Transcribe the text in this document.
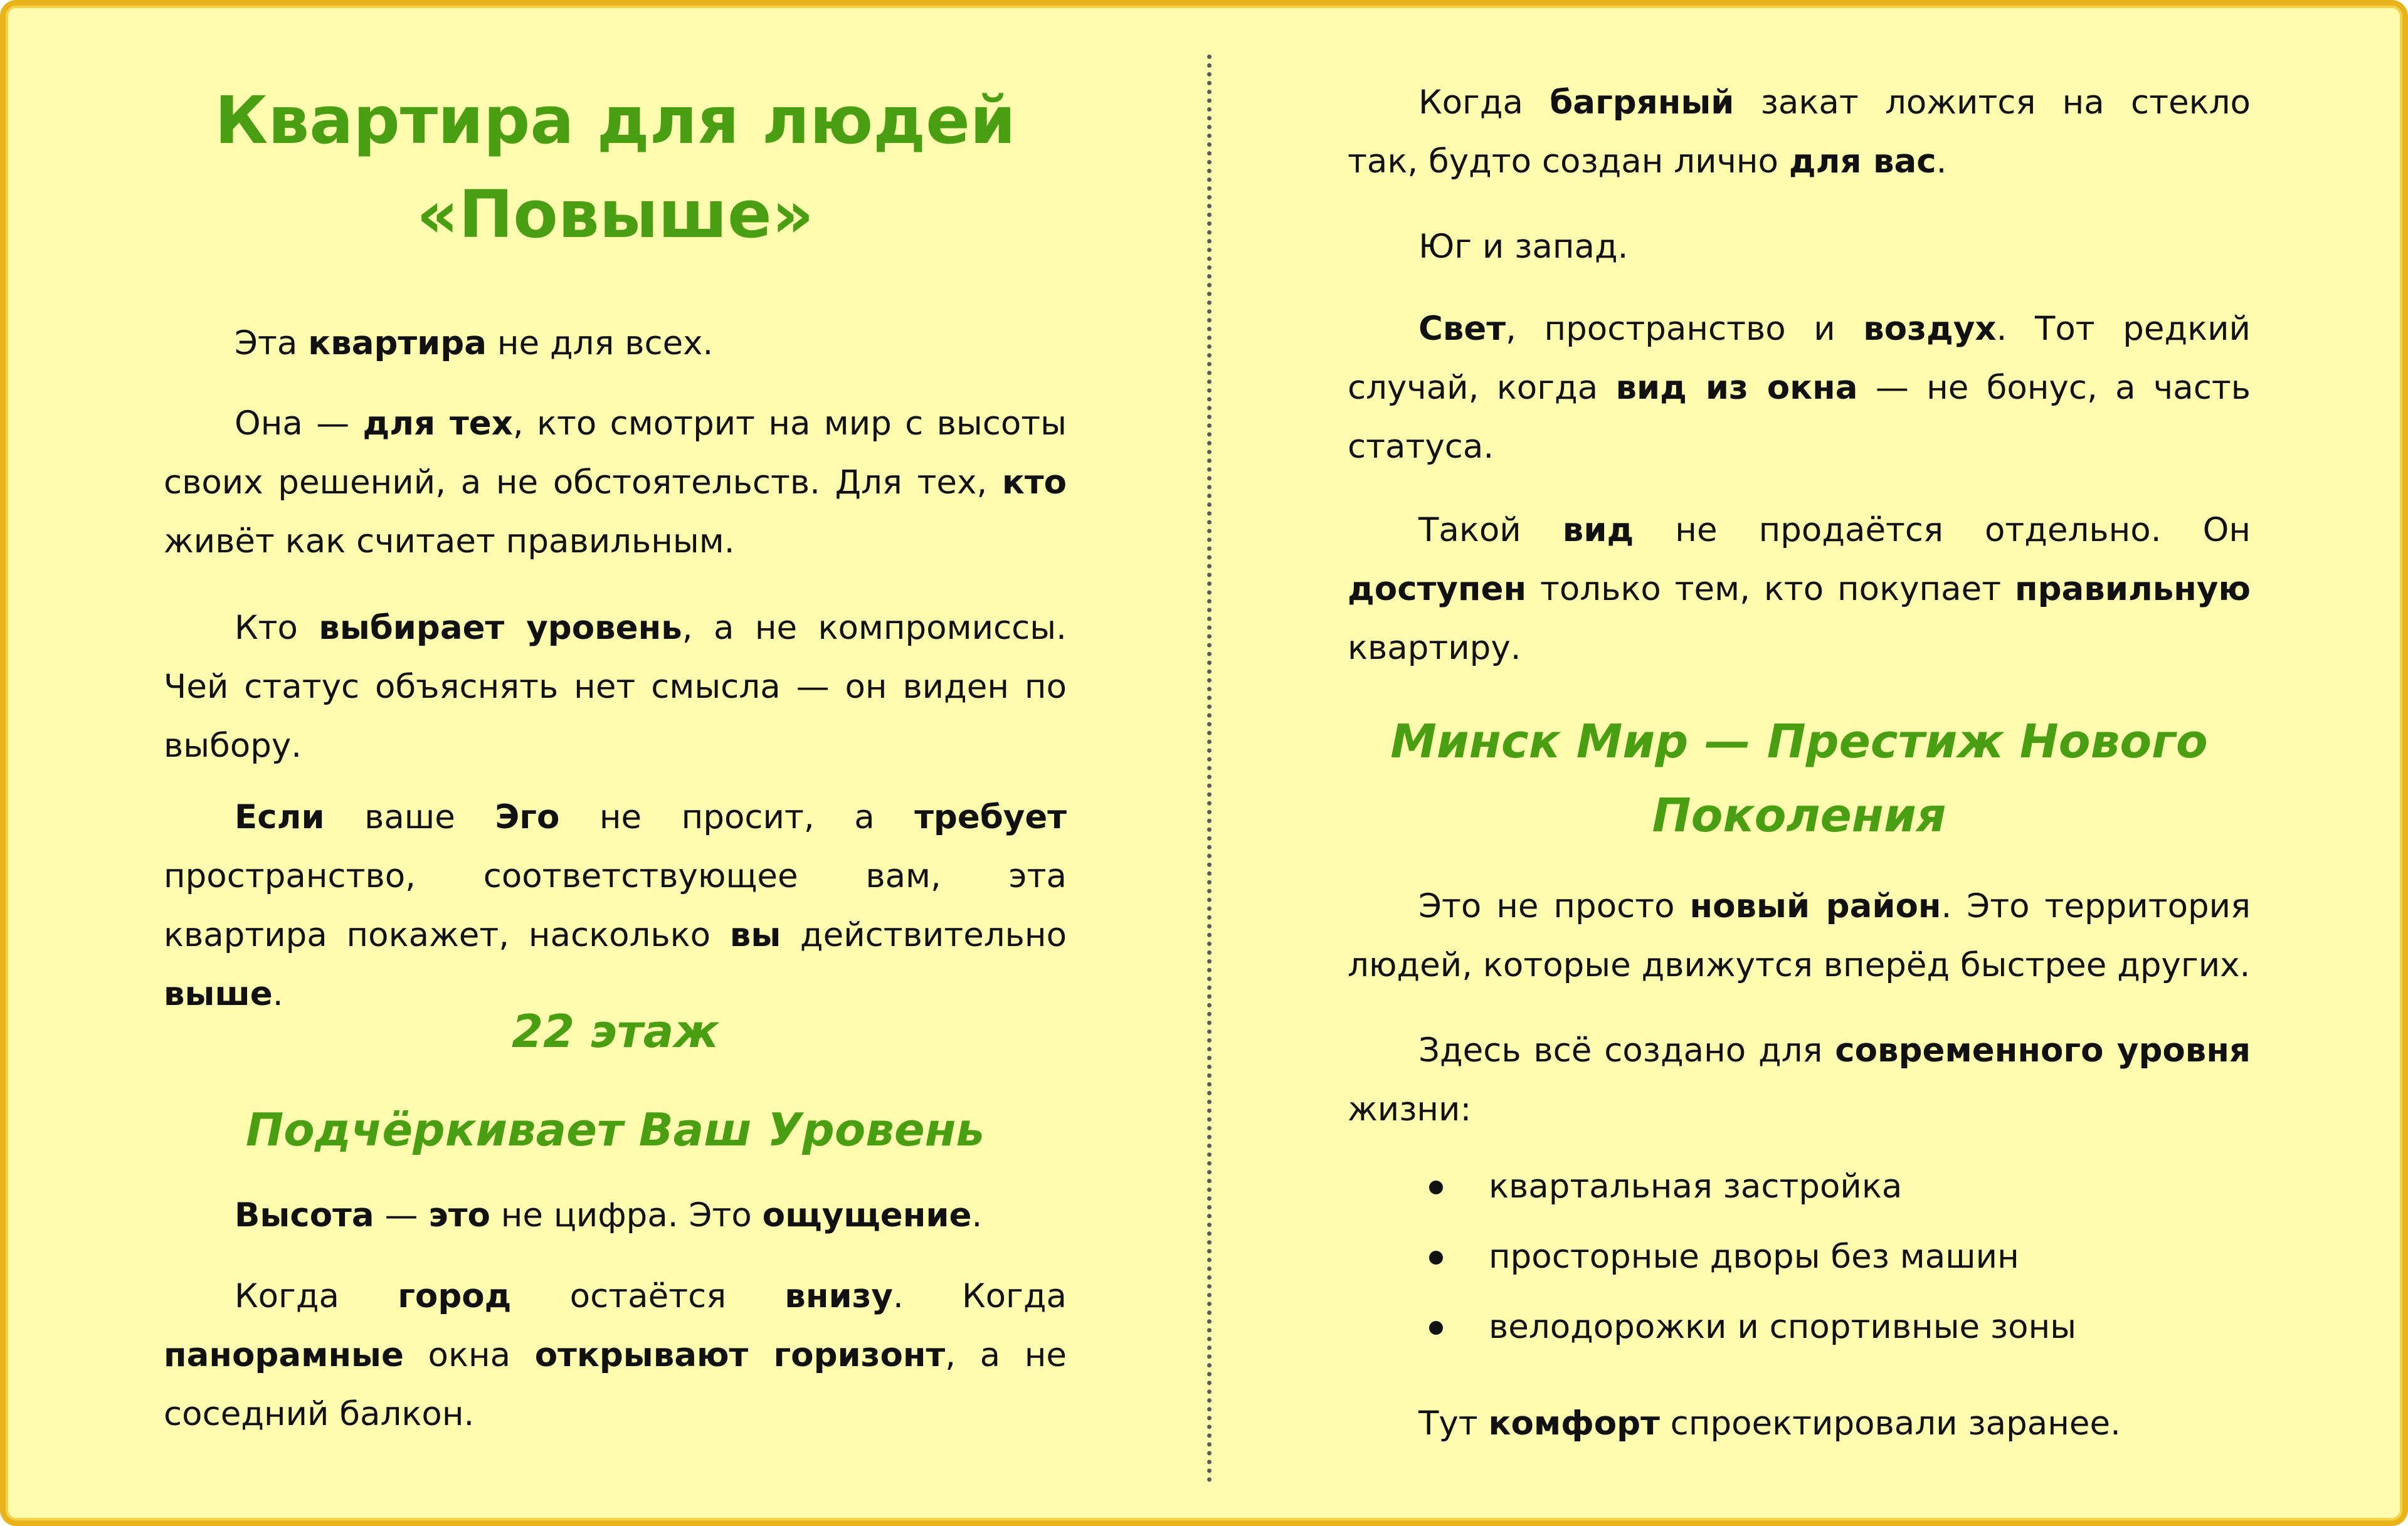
Квартира для людей
«Повыше»

Эта квартира не для всех.

Она — для тех, кто смотрит на мир с высоты своих решений, а не обстоятельств. Для тех, кто живёт как считает правильным.

Кто выбирает уровень, а не компромиссы. Чей статус объяснять нет смысла — он виден по выбору.

Если ваше Эго не просит, а требует пространство, соответствующее вам, эта квартира покажет, насколько вы действительно выше.

22 этаж
Подчёркивает Ваш Уровень

Высота — это не цифра. Это ощущение.

Когда город остаётся внизу. Когда панорамные окна открывают горизонт, а не соседний балкон.

Когда багряный закат ложится на стекло так, будто создан лично для вас.

Юг и запад.

Свет, пространство и воздух. Тот редкий случай, когда вид из окна — не бонус, а часть статуса.

Такой вид не продаётся отдельно. Он доступен только тем, кто покупает правильную квартиру.

Минск Мир — Престиж Нового
Поколения

Это не просто новый район. Это территория людей, которые движутся вперёд быстрее других.

Здесь всё создано для современного уровня жизни:

квартальная застройка
просторные дворы без машин
велодорожки и спортивные зоны

Тут комфорт спроектировали заранее.
